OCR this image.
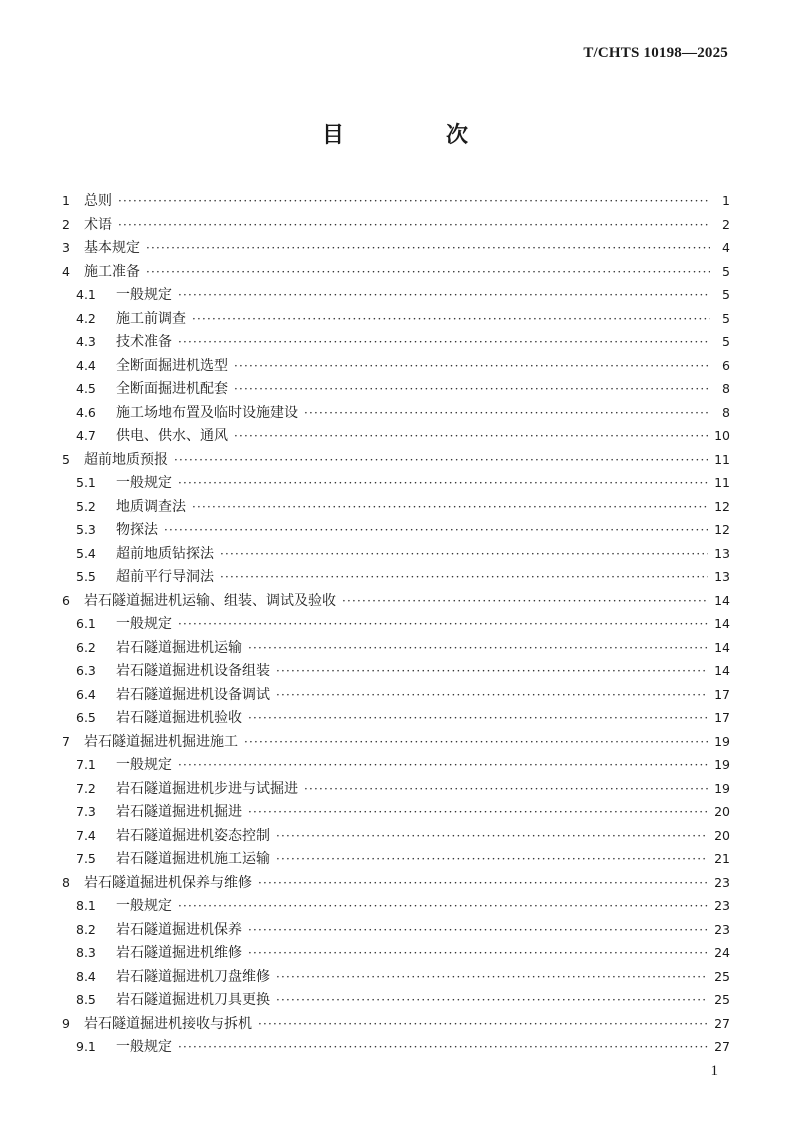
T/CHTS 10198—2025
目　次
1	总则 ·····	1
2	术语 ·····	2
3	基本规定 ·····	4
4	施工准备 ·····	5
4.1	一般规定 ·····	5
4.2	施工前调查 ·····	5
4.3	技术准备 ·····	5
4.4	全断面掘进机选型 ·····	6
4.5	全断面掘进机配套 ·····	8
4.6	施工场地布置及临时设施建设 ·····	8
4.7	供电、供水、通风 ·····	10
5	超前地质预报 ·····	11
5.1	一般规定 ·····	11
5.2	地质调查法 ·····	12
5.3	物探法 ·····	12
5.4	超前地质钻探法 ·····	13
5.5	超前平行导洞法 ·····	13
6	岩石隧道掘进机运输、组装、调试及验收 ·····	14
6.1	一般规定 ·····	14
6.2	岩石隧道掘进机运输 ·····	14
6.3	岩石隧道掘进机设备组装 ·····	14
6.4	岩石隧道掘进机设备调试 ·····	17
6.5	岩石隧道掘进机验收 ·····	17
7	岩石隧道掘进机掘进施工 ·····	19
7.1	一般规定 ·····	19
7.2	岩石隧道掘进机步进与试掘进 ·····	19
7.3	岩石隧道掘进机掘进 ·····	20
7.4	岩石隧道掘进机姿态控制 ·····	20
7.5	岩石隧道掘进机施工运输 ·····	21
8	岩石隧道掘进机保养与维修 ·····	23
8.1	一般规定 ·····	23
8.2	岩石隧道掘进机保养 ·····	23
8.3	岩石隧道掘进机维修 ·····	24
8.4	岩石隧道掘进机刀盘维修 ·····	25
8.5	岩石隧道掘进机刀具更换 ·····	25
9	岩石隧道掘进机接收与拆机 ·····	27
9.1	一般规定 ·····	27
1
